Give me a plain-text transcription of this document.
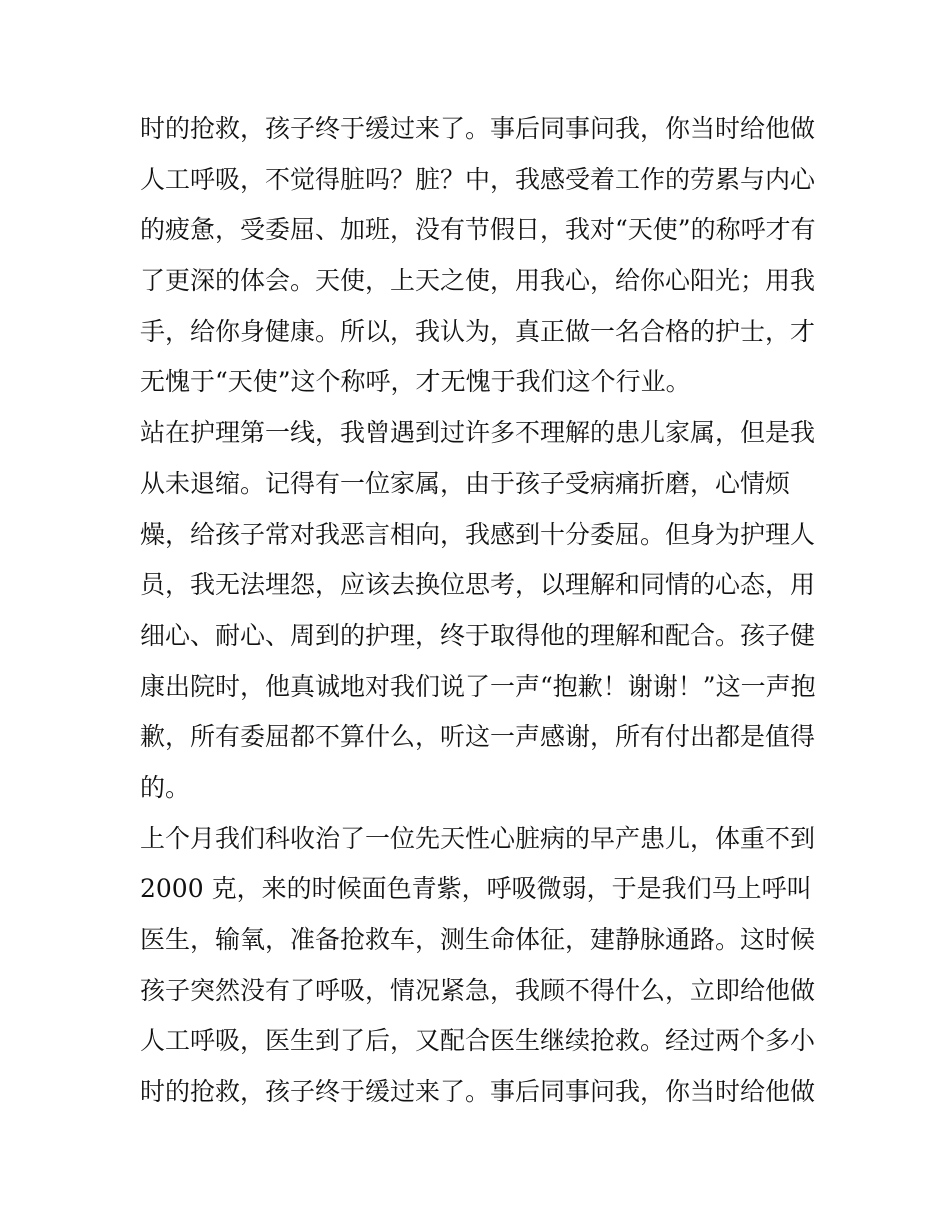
时的抢救，孩子终于缓过来了。事后同事问我，你当时给他做
人工呼吸，不觉得脏吗？脏？中，我感受着工作的劳累与内心
的疲惫，受委屈、加班，没有节假日，我对“天使”的称呼才有
了更深的体会。天使，上天之使，用我心，给你心阳光；用我
手，给你身健康。所以，我认为，真正做一名合格的护士，才
无愧于“天使”这个称呼，才无愧于我们这个行业。
站在护理第一线，我曾遇到过许多不理解的患儿家属，但是我
从未退缩。记得有一位家属，由于孩子受病痛折磨，心情烦
燥，给孩子常对我恶言相向，我感到十分委屈。但身为护理人
员，我无法埋怨，应该去换位思考，以理解和同情的心态，用
细心、耐心、周到的护理，终于取得他的理解和配合。孩子健
康出院时，他真诚地对我们说了一声“抱歉！谢谢！”这一声抱
歉，所有委屈都不算什么，听这一声感谢，所有付出都是值得
的。
上个月我们科收治了一位先天性心脏病的早产患儿，体重不到
2000 克，来的时候面色青紫，呼吸微弱，于是我们马上呼叫
医生，输氧，准备抢救车，测生命体征，建静脉通路。这时候
孩子突然没有了呼吸，情况紧急，我顾不得什么，立即给他做
人工呼吸，医生到了后，又配合医生继续抢救。经过两个多小
时的抢救，孩子终于缓过来了。事后同事问我，你当时给他做
